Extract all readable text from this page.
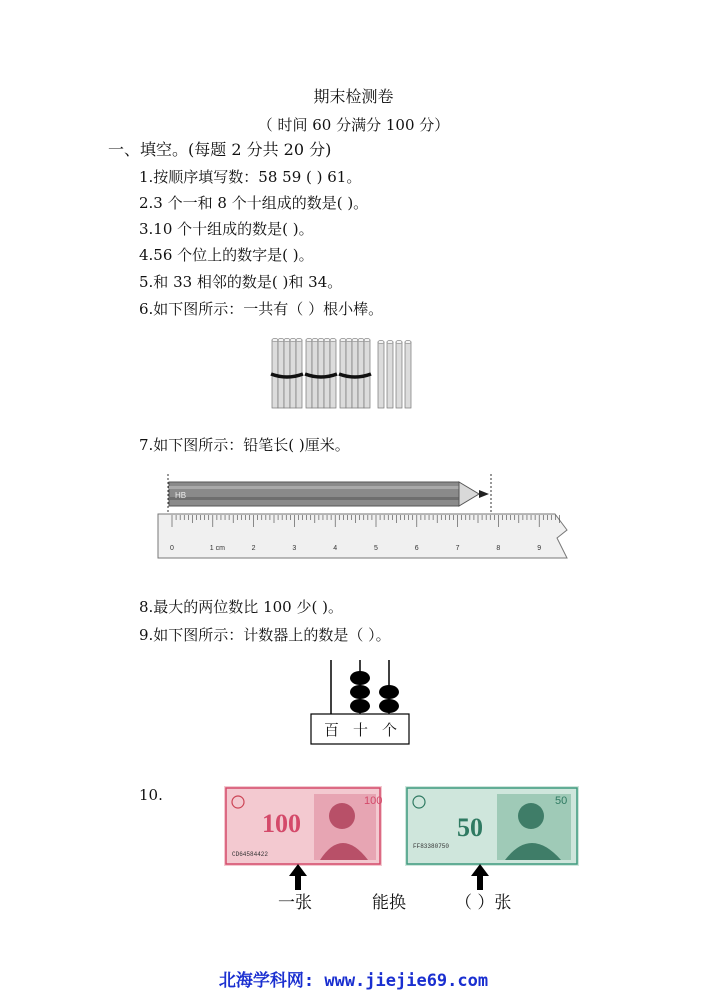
期末检测卷
（ 时间 60 分满分 100 分）
一、填空。(每题 2 分共 20 分)
1.按顺序填写数：58 59 ( ) 61。
2.3 个一和 8 个十组成的数是( )。
3.10 个十组成的数是( )。
4.56 个位上的数字是( )。
5.和 33 相邻的数是( )和 34。
6.如下图所示：一共有（ ）根小棒。
7.如下图所示：铅笔长( )厘米。
HB
0	1 cm	2	3	4	5	6	7	8	9
8.最大的两位数比 100 少( )。
9.如下图所示：计数器上的数是（ ）。
百 十 个
10.
100
100
CD64584422
50
50
FF83380750
一张	能换	（ ）张
北海学科网: www.jiejie69.com
